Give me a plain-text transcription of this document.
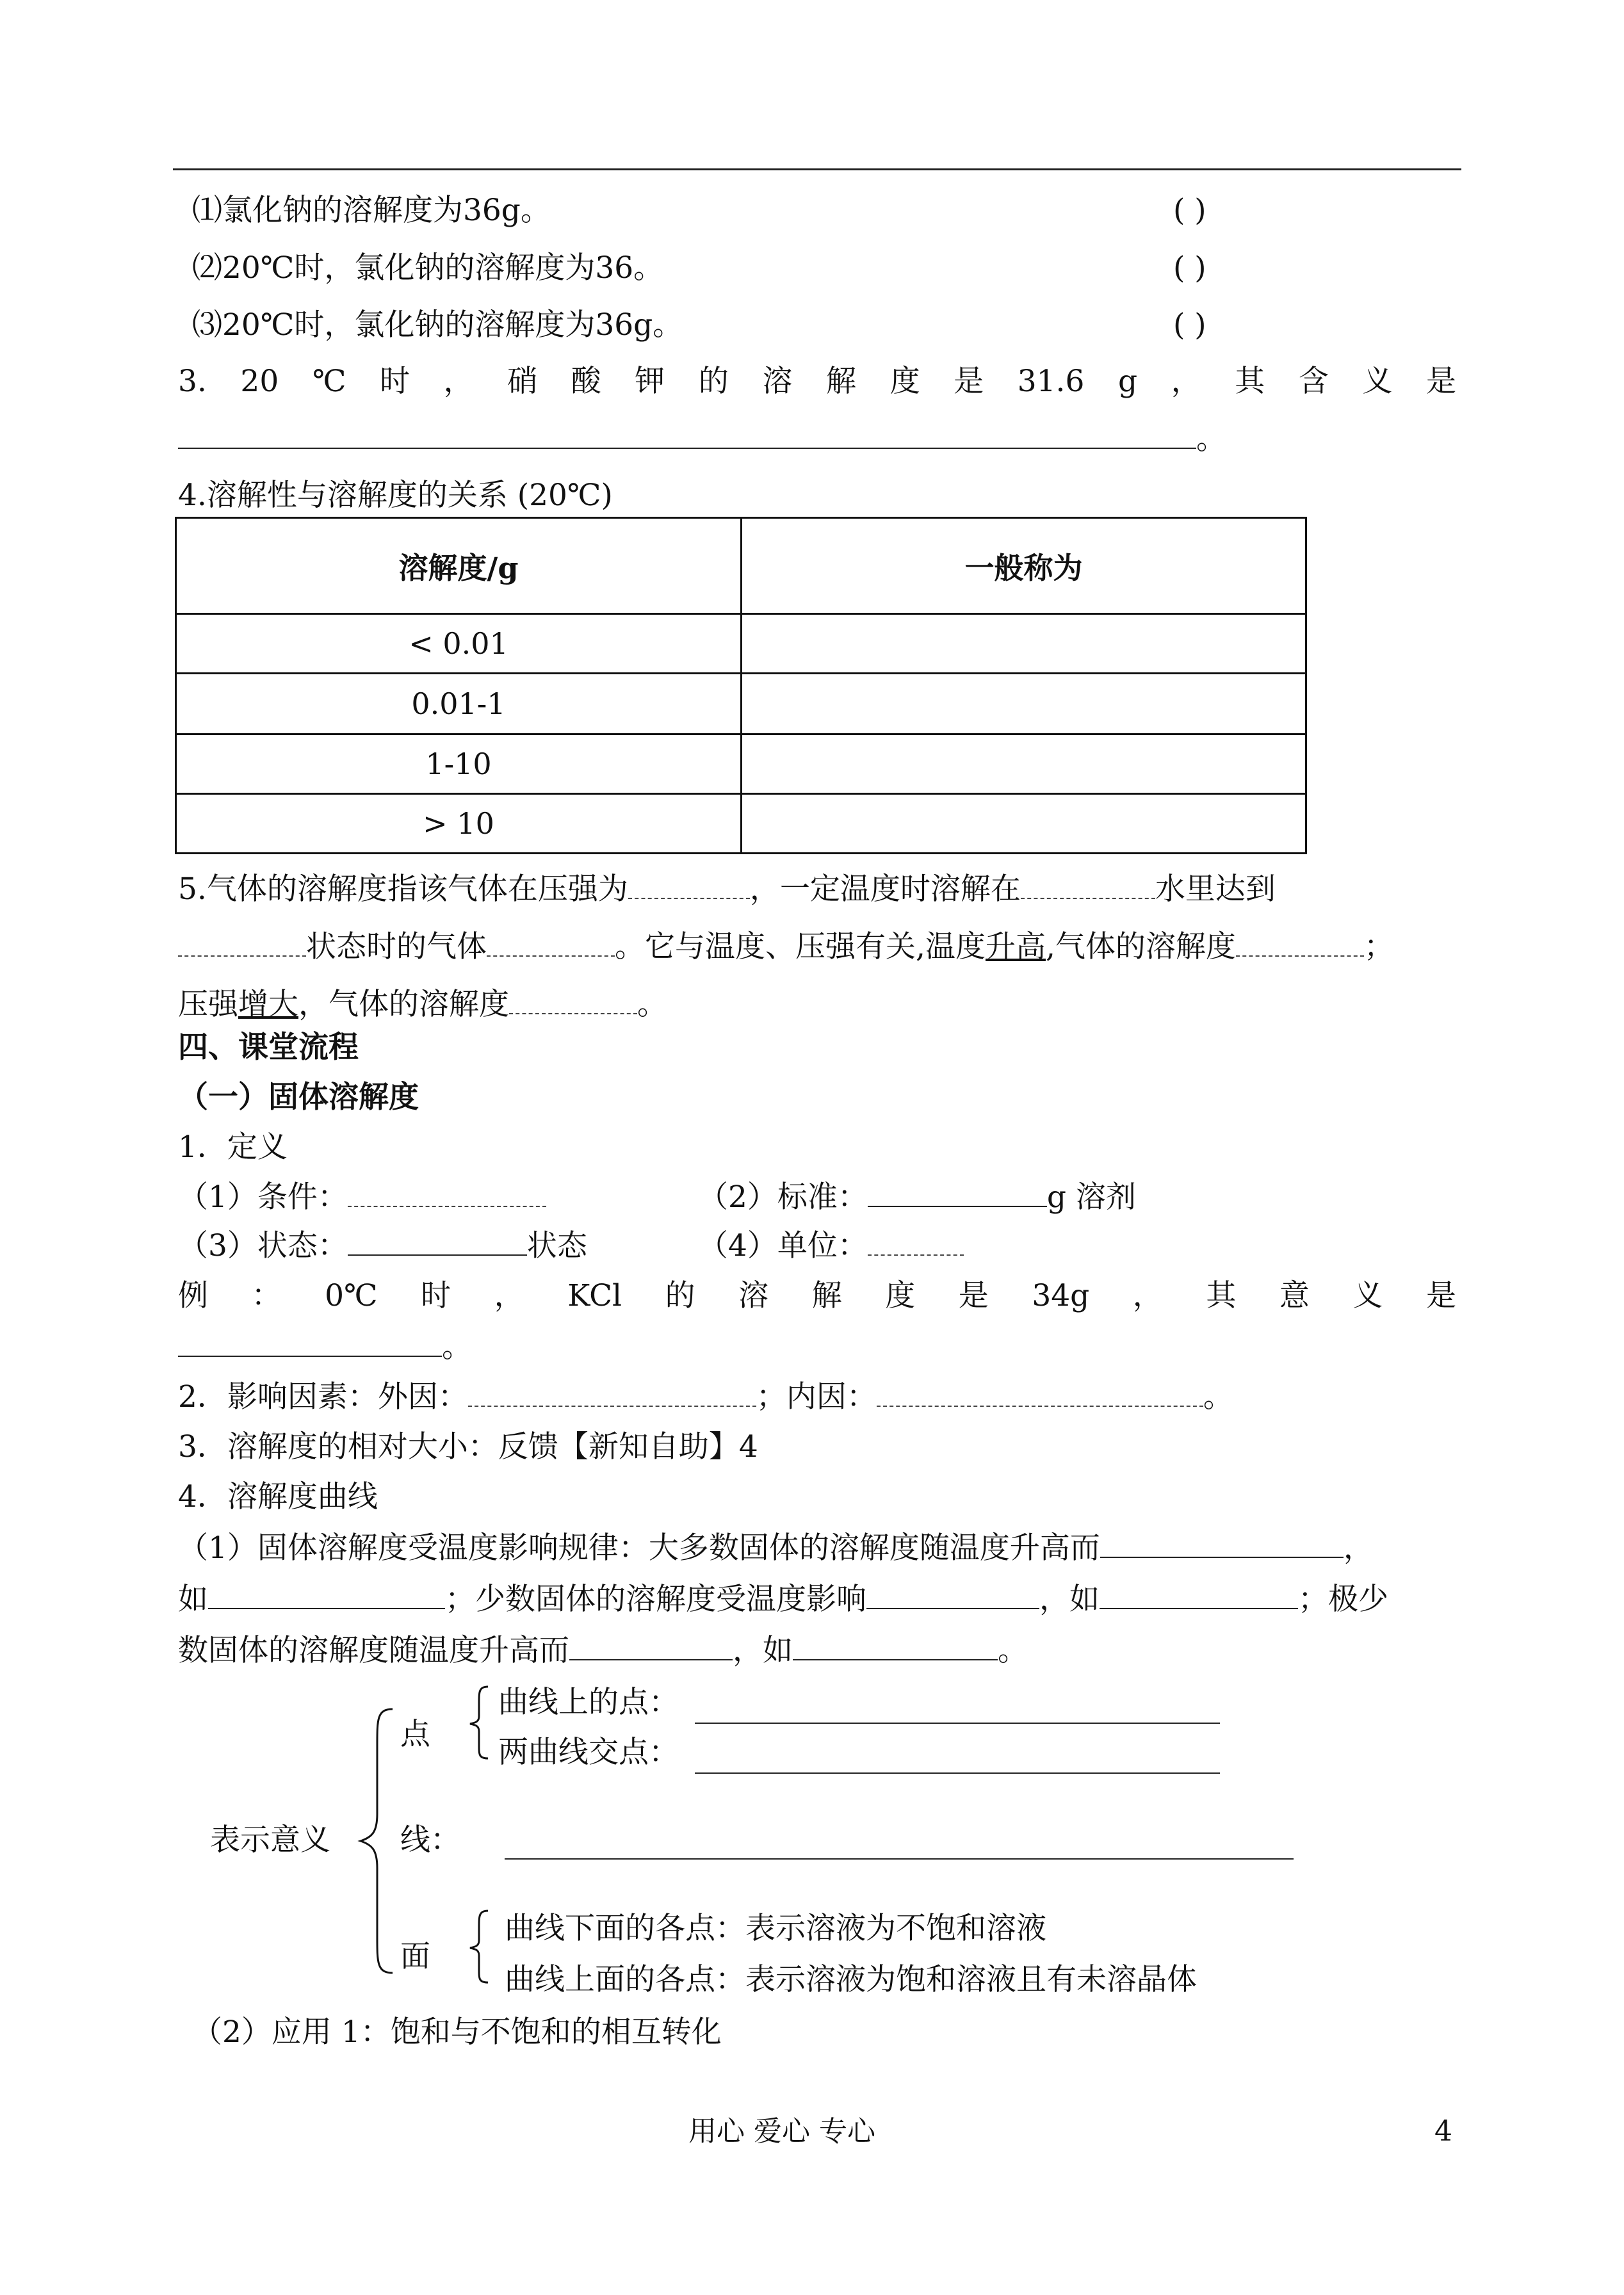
⑴氯化钠的溶解度为36g。	( )
⑵20℃时，氯化钠的溶解度为36。	( )
⑶20℃时，氯化钠的溶解度为36g。	( )
3. 20 ℃ 时 ， 硝 酸 钾 的 溶 解 度 是 31.6 g ， 其 含 义 是
。
4.溶解性与溶解度的关系 (20℃)
溶解度/g	一般称为
< 0.01	
0.01-1	
1-10	
> 10	
5.气体的溶解度指该气体在压强为	，一定温度时溶解在	水里达到
状态时的气体	。它与温度、压强有关,温度升高,气体的溶解度	；
压强增大，气体的溶解度	。
四、课堂流程
（一）固体溶解度
1．定义
（1）条件：	（2）标准：	g 溶剂
（3）状态：	状态	（4）单位：
例 ： 0℃ 时 ， KCl 的 溶 解 度 是 34g ， 其 意 义 是
。
2．影响因素：外因：	；内因：	。
3．溶解度的相对大小：反馈【新知自助】4
4．溶解度曲线
（1）固体溶解度受温度影响规律：大多数固体的溶解度随温度升高而	，
如	；少数固体的溶解度受温度影响	，如	；极少
数固体的溶解度随温度升高而	，如	。
表示意义
点
曲线上的点：
两曲线交点：
线：
面
曲线下面的各点：表示溶液为不饱和溶液
曲线上面的各点：表示溶液为饱和溶液且有未溶晶体
（2）应用 1：饱和与不饱和的相互转化
用心 爱心 专心	4
